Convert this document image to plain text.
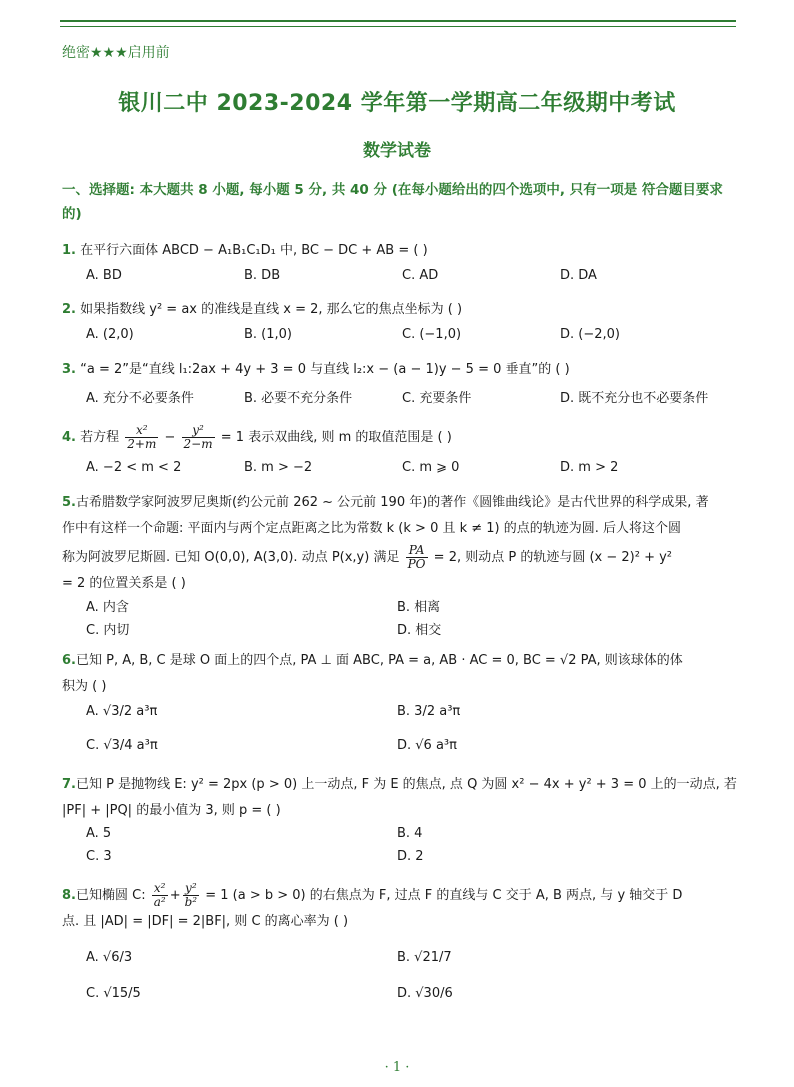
绝密★★★启用前
银川二中 2023-2024 学年第一学期高二年级期中考试
数学试卷
一、选择题: 本大题共 8 小题, 每小题 5 分, 共 40 分 (在每小题给出的四个选项中, 只有一项是 符合题目要求的)
1. 在平行六面体 ABCD − A₁B₁C₁D₁ 中, BC − DC + AB = ( )
A. BD	B. DB	C. AD	D. DA
2. 如果指数线 y² = ax 的准线是直线 x = 2, 那么它的焦点坐标为 ( )
A. (2,0)	B. (1,0)	C. (−1,0)	D. (−2,0)
3. “a = 2”是“直线 l₁:2ax + 4y + 3 = 0 与直线 l₂:x − (a − 1)y − 5 = 0 垂直”的 ( )
A. 充分不必要条件	B. 必要不充分条件	C. 充要条件	D. 既不充分也不必要条件
4. 若方程 $\frac{\text{x²}}{2+m} - \frac{\text{y²}}{2-m} = 1$ 表示双曲线, 则 m 的取值范围是 ( )
A. −2 < m < 2	B. m > −2	C. m ⩾ 0	D. m > 2
5.古希腊数学家阿波罗尼奥斯(约公元前 262 ~ 公元前 190 年)的著作《圆锥曲线论》是古代世界的科学成果, 著
作中有这样一个命题: 平面内与两个定点距离之比为常数 k (k > 0 且 k ≠ 1) 的点的轨迹为圆. 后人将这个圆
称为阿波罗尼斯圆. 已知 O(0,0), A(3,0). 动点 P(x,y) 满足 $\frac{PA}{PO} = 2$, 则动点 P 的轨迹与圆 (x − 2)² + y²
= 2 的位置关系是 ( )
A. 内含	B. 相离
C. 内切	D. 相交
6.已知 P, A, B, C 是球 O 面上的四个点, PA ⊥ 面 ABC, PA = a, AB · AC = 0, BC = √2 PA, 则该球体的体
积为 ( )
A. √3/2 a³π	B. 3/2 a³π
C. √3/4 a³π	D. √6 a³π
7.已知 P 是抛物线 E: y² = 2px (p > 0) 上一动点, F 为 E 的焦点, 点 Q 为圆 x² − 4x + y² + 3 = 0 上的一动点, 若
|PF| + |PQ| 的最小值为 3, 则 p = ( )
A. 5	B. 4
C. 3	D. 2
8.已知椭圆 C: $\frac{\text{x²}}{\text{a²}} + \frac{\text{y²}}{\text{b²}} = 1$ (a > b > 0) 的右焦点为 F, 过点 F 的直线与 C 交于 A, B 两点, 与 y 轴交于 D
点. 且 |AD| = |DF| = 2|BF|, 则 C 的离心率为 ( )
A. √6/3	B. √21/7
C. √15/5	D. √30/6
· 1 ·
